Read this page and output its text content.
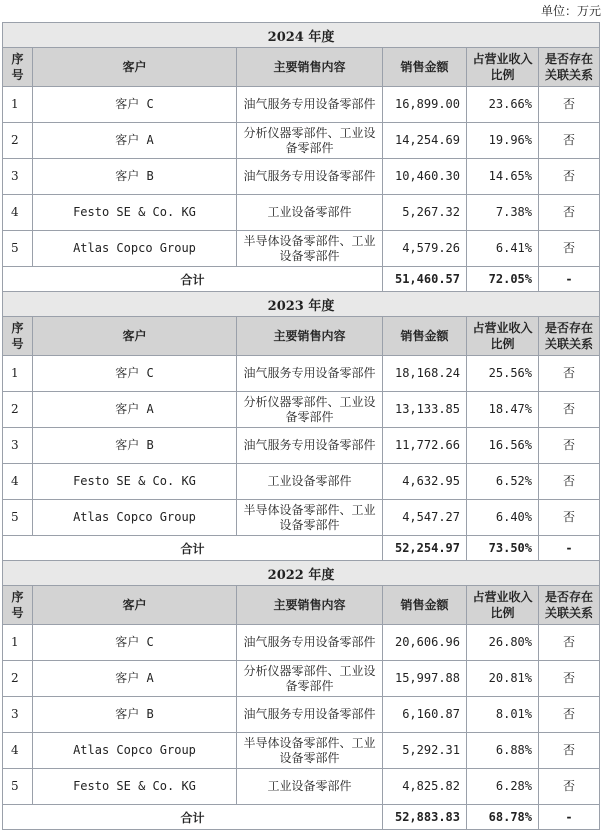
单位：万元
2024 年度					
序号	客户	主要销售内容	销售金额	占营业收入比例	是否存在关联关系
1	客户 C	油气服务专用设备零部件	16,899.00	23.66%	否
2	客户 A	分析仪器零部件、工业设备零部件	14,254.69	19.96%	否
3	客户 B	油气服务专用设备零部件	10,460.30	14.65%	否
4	Festo SE & Co. KG	工业设备零部件	5,267.32	7.38%	否
5	Atlas Copco Group	半导体设备零部件、工业设备零部件	4,579.26	6.41%	否
合计			51,460.57	72.05%	-
2023 年度					
序号	客户	主要销售内容	销售金额	占营业收入比例	是否存在关联关系
1	客户 C	油气服务专用设备零部件	18,168.24	25.56%	否
2	客户 A	分析仪器零部件、工业设备零部件	13,133.85	18.47%	否
3	客户 B	油气服务专用设备零部件	11,772.66	16.56%	否
4	Festo SE & Co. KG	工业设备零部件	4,632.95	6.52%	否
5	Atlas Copco Group	半导体设备零部件、工业设备零部件	4,547.27	6.40%	否
合计			52,254.97	73.50%	-
2022 年度					
序号	客户	主要销售内容	销售金额	占营业收入比例	是否存在关联关系
1	客户 C	油气服务专用设备零部件	20,606.96	26.80%	否
2	客户 A	分析仪器零部件、工业设备零部件	15,997.88	20.81%	否
3	客户 B	油气服务专用设备零部件	6,160.87	8.01%	否
4	Atlas Copco Group	半导体设备零部件、工业设备零部件	5,292.31	6.88%	否
5	Festo SE & Co. KG	工业设备零部件	4,825.82	6.28%	否
合计			52,883.83	68.78%	-
